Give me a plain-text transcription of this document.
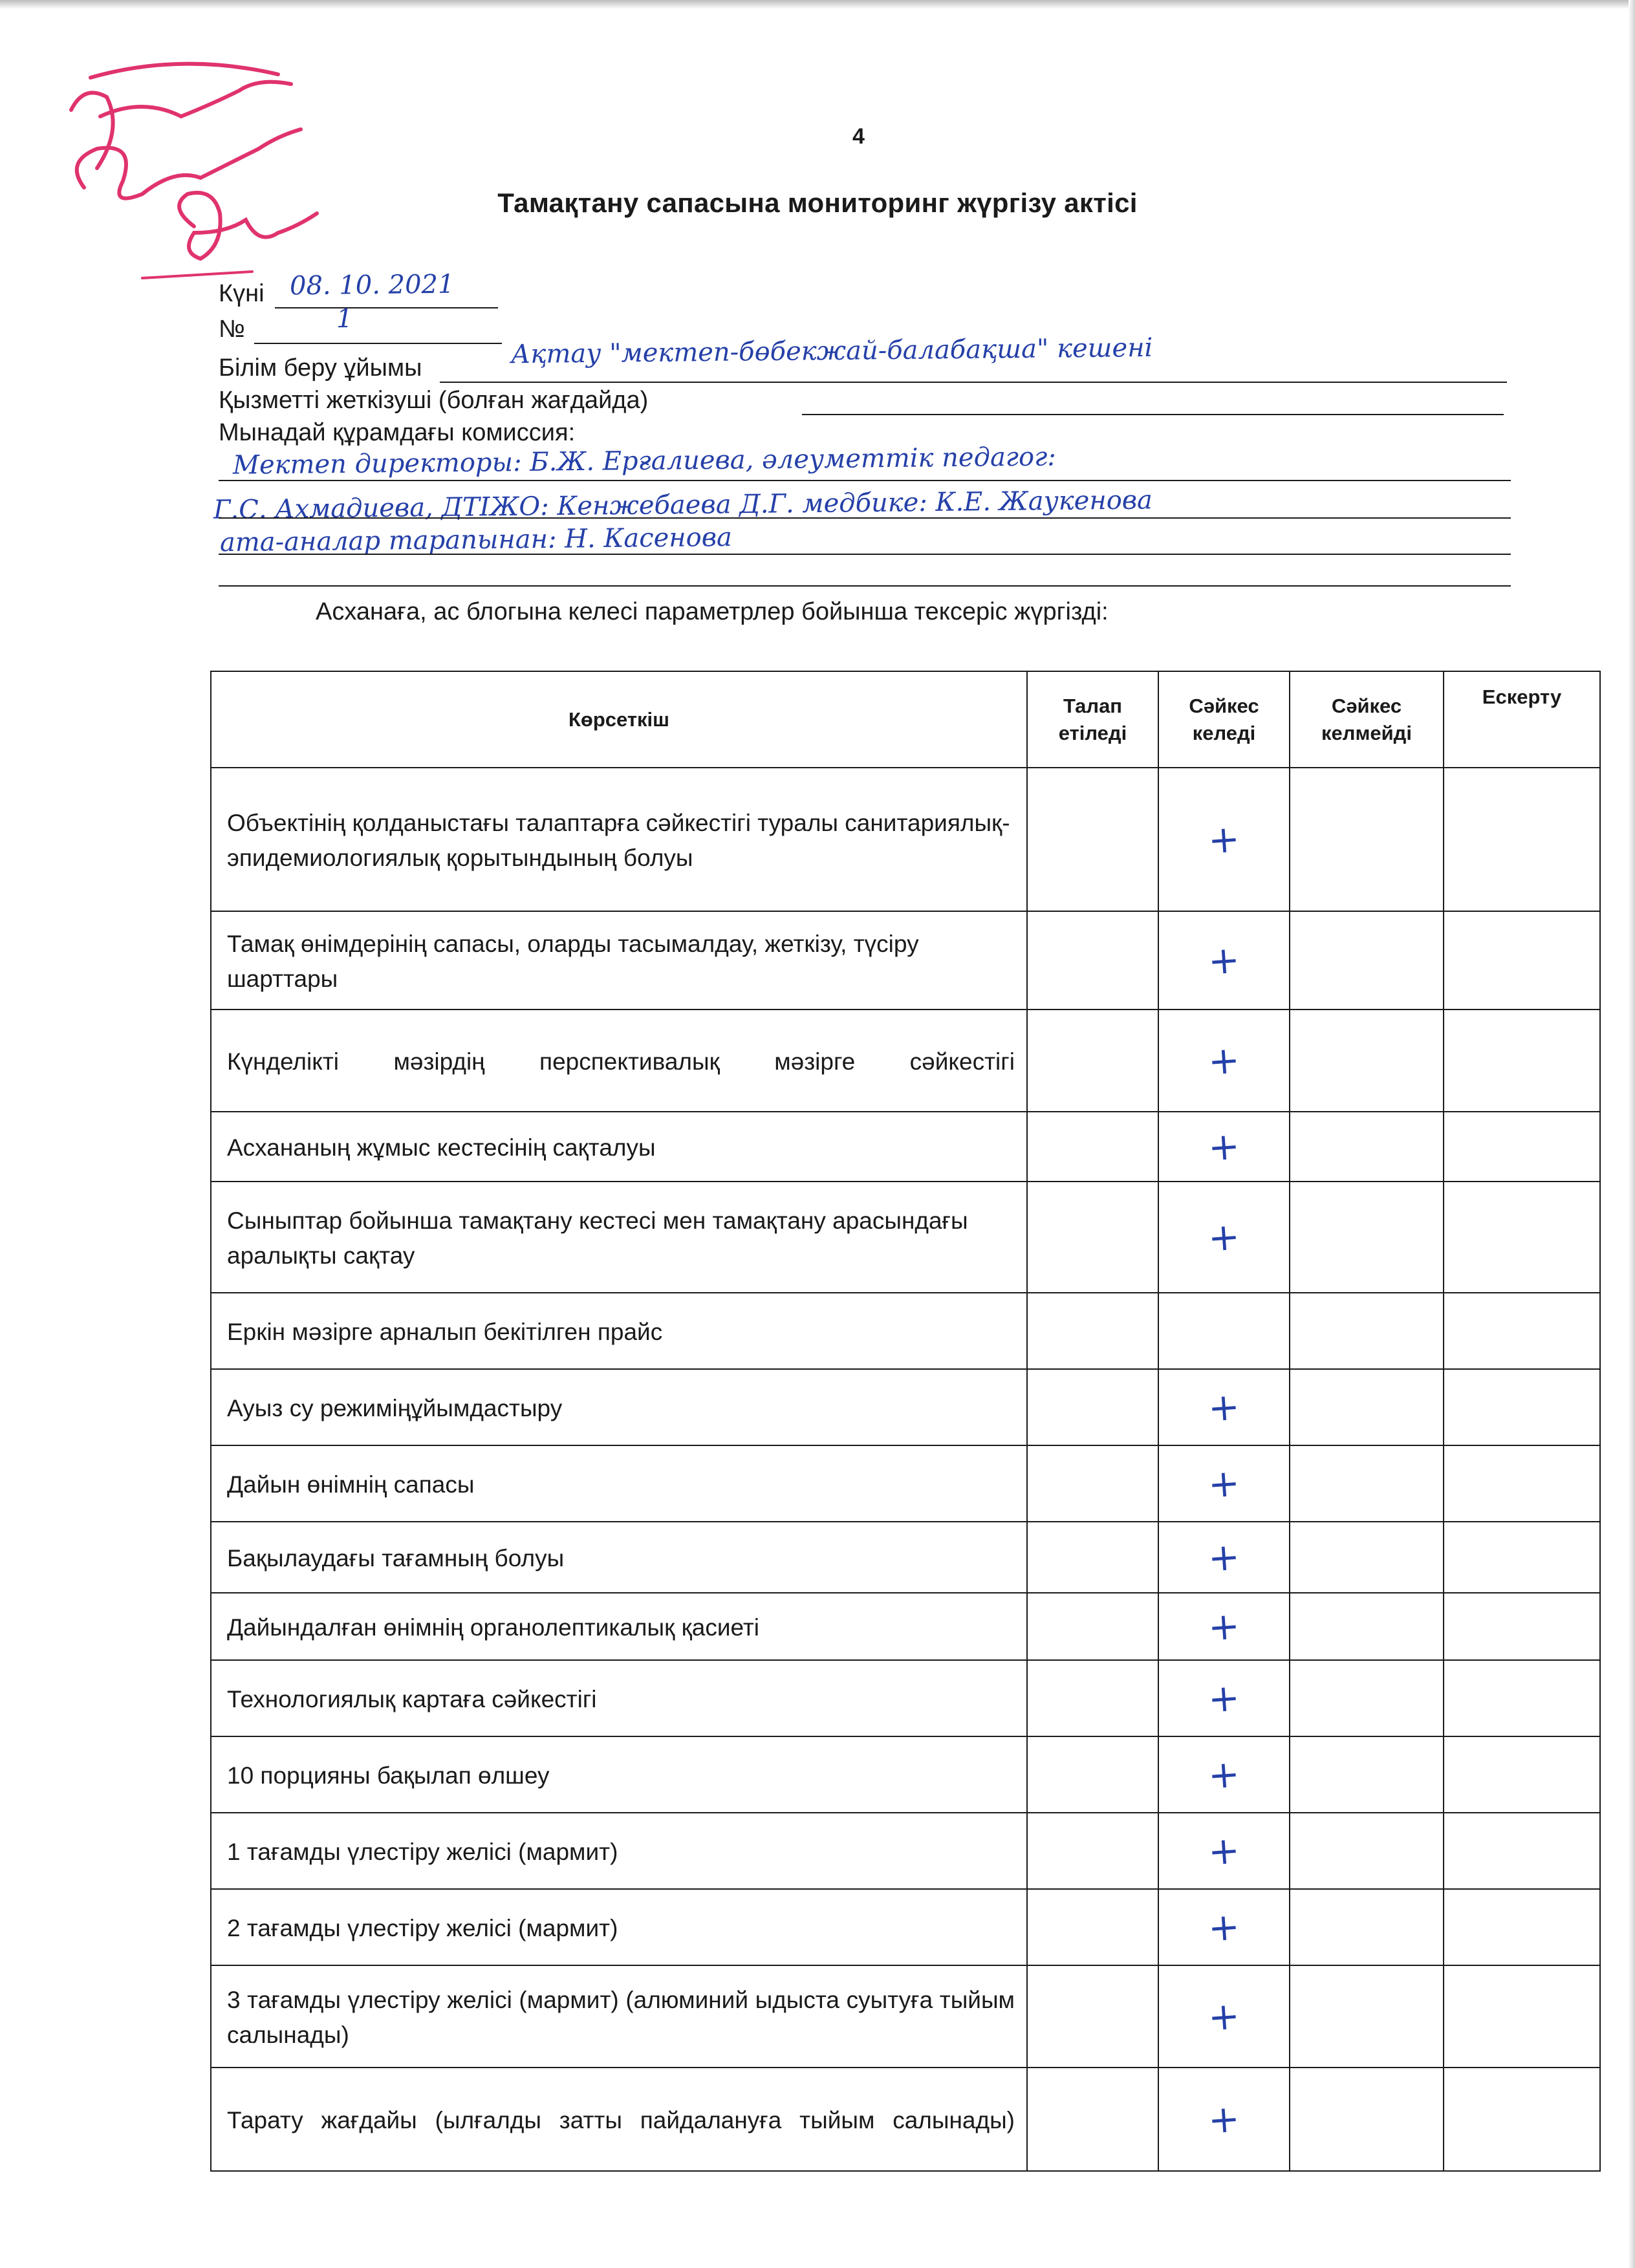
4
Тамақтану сапасына мониторинг жүргізу актісі
Күні 08. 10. 2021
№	1
Білім беру ұйымы	Ақтау "мектеп-бөбекжай-балабақша" кешені
Қызметті жеткізуші (болған жағдайда)
Мынадай құрамдағы комиссия:
Мектеп директоры: Б.Ж. Ерғалиева, әлеуметтік педагог:
Г.С. Ахмадиева, ДТІЖО: Кенжебаева Д.Г. медбике: К.Е. Жаукенова
ата-аналар тарапынан: Н. Касенова
Асханаға, ас блогына келесі параметрлер бойынша тексеріс жүргізді:
Көрсеткіш	Талап етіледі	Сәйкес келеді	Сәйкес келмейді	Ескерту
Объектінің қолданыстағы талаптарға сәйкестігі туралы санитариялық-эпидемиологиялық қорытындының болуы		+		
Тамақ өнімдерінің сапасы, оларды тасымалдау, жеткізу, түсіру шарттары		+		
Күнделікті мәзірдің перспективалық мәзірге сәйкестігі		+		
Асхананың жұмыс кестесінің сақталуы		+		
Сыныптар бойынша тамақтану кестесі мен тамақтану арасындағы аралықты сақтау		+		
Еркін мәзірге арналып бекітілген прайс				
Ауыз су режиміңұйымдастыру		+		
Дайын өнімнің сапасы		+		
Бақылаудағы тағамның болуы		+		
Дайындалған өнімнің органолептикалық қасиеті		+		
Технологиялық картаға сәйкестігі		+		
10 порцияны бақылап өлшеу		+		
1 тағамды үлестіру желісі (мармит)		+		
2 тағамды үлестіру желісі (мармит)		+		
3 тағамды үлестіру желісі (мармит) (алюминий ыдыста суытуға тыйым салынады)		+		
Тарату жағдайы (ылғалды затты пайдалануға тыйым салынады)		+		
